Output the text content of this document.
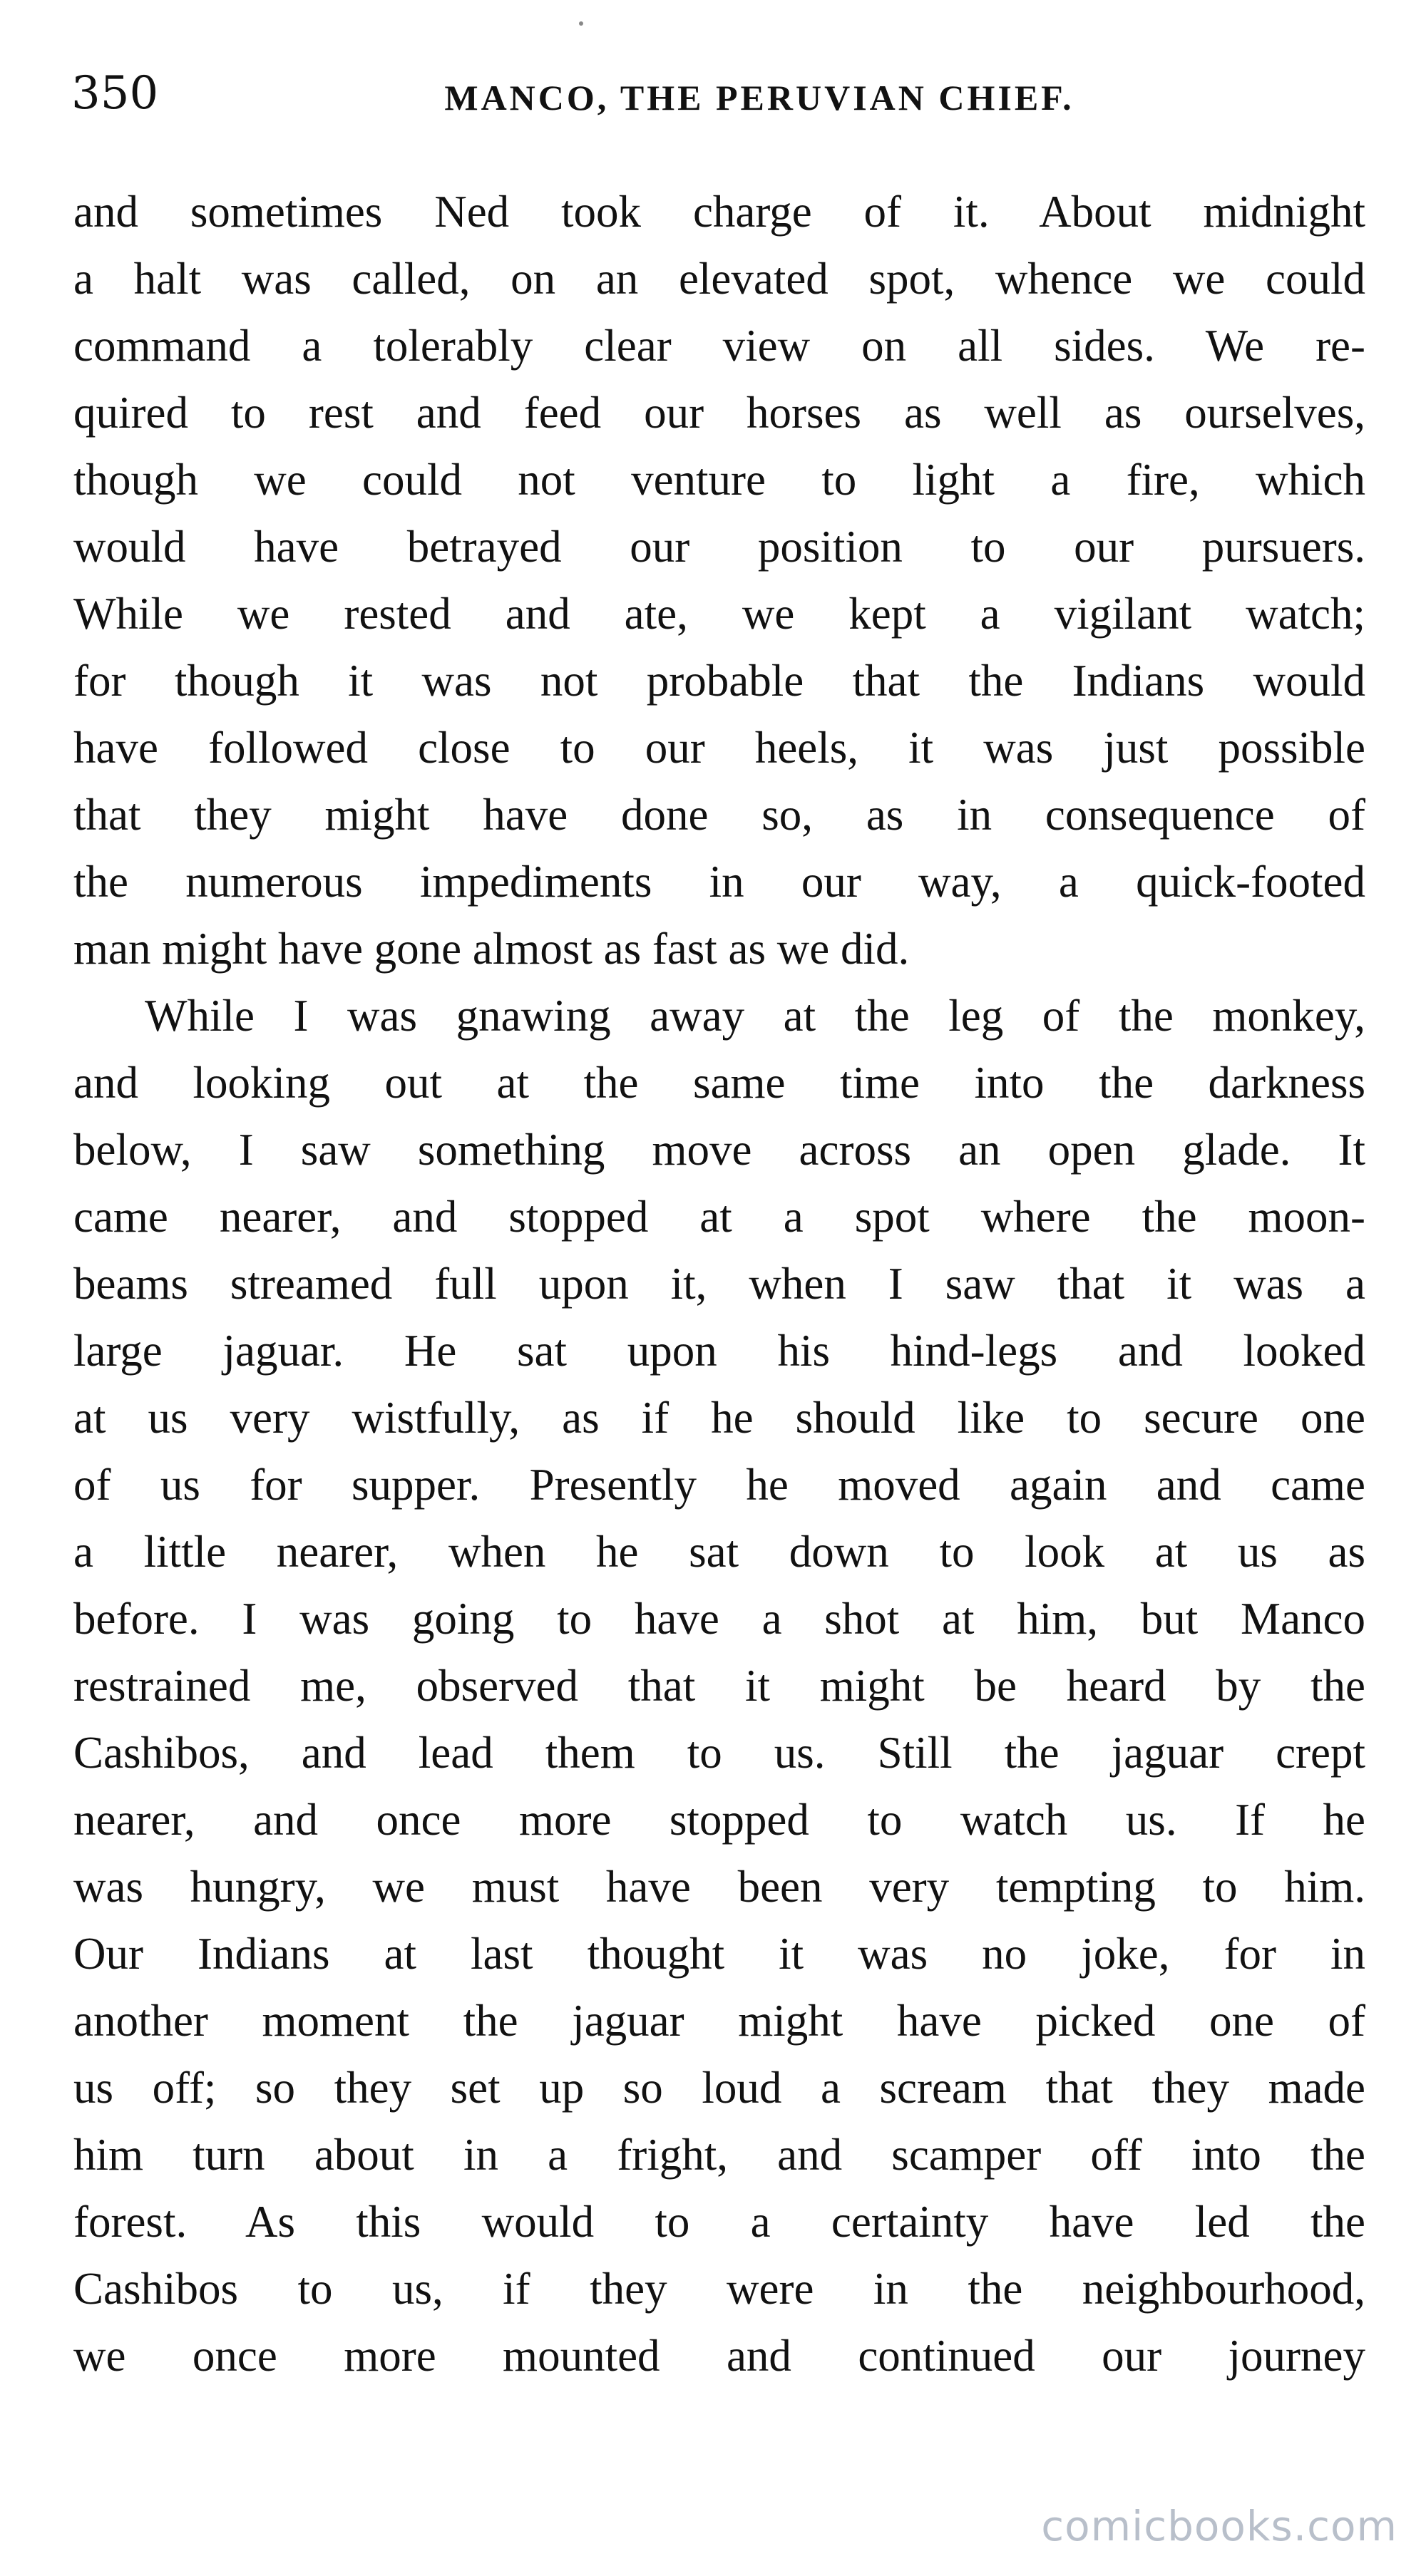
350	MANCO, THE PERUVIAN CHIEF.
and sometimes Ned took charge of it. About midnight
a halt was called, on an elevated spot, whence we could
command a tolerably clear view on all sides. We re-
quired to rest and feed our horses as well as ourselves,
though we could not venture to light a fire, which
would have betrayed our position to our pursuers.
While we rested and ate, we kept a vigilant watch;
for though it was not probable that the Indians would
have followed close to our heels, it was just possible
that they might have done so, as in consequence of
the numerous impediments in our way, a quick-footed
man might have gone almost as fast as we did.
While I was gnawing away at the leg of the monkey,
and looking out at the same time into the darkness
below, I saw something move across an open glade. It
came nearer, and stopped at a spot where the moon-
beams streamed full upon it, when I saw that it was a
large jaguar. He sat upon his hind-legs and looked
at us very wistfully, as if he should like to secure one
of us for supper. Presently he moved again and came
a little nearer, when he sat down to look at us as
before. I was going to have a shot at him, but Manco
restrained me, observed that it might be heard by the
Cashibos, and lead them to us. Still the jaguar crept
nearer, and once more stopped to watch us. If he
was hungry, we must have been very tempting to him.
Our Indians at last thought it was no joke, for in
another moment the jaguar might have picked one of
us off; so they set up so loud a scream that they made
him turn about in a fright, and scamper off into the
forest. As this would to a certainty have led the
Cashibos to us, if they were in the neighbourhood,
we once more mounted and continued our journey
comicbooks.com
